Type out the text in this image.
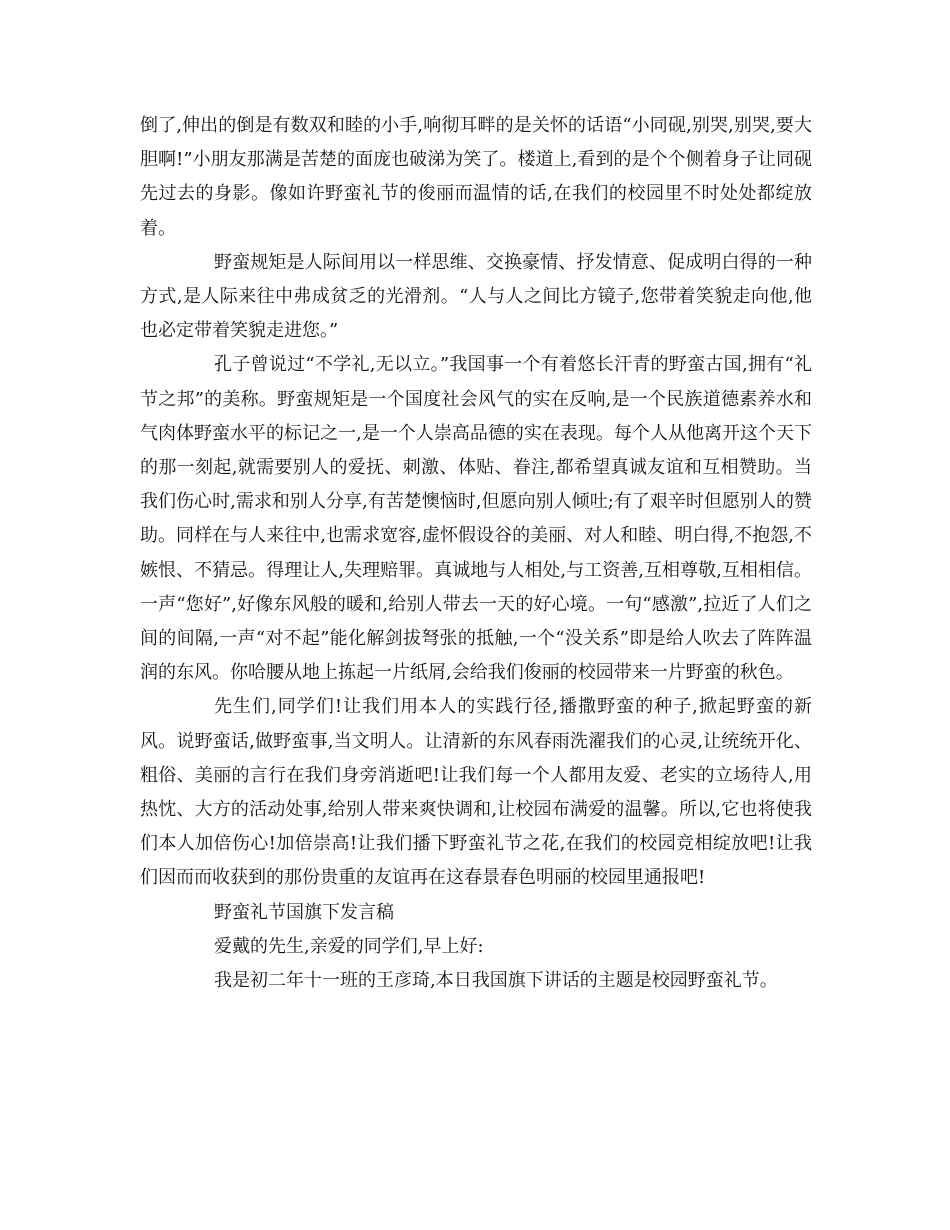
倒了,伸出的倒是有数双和睦的小手,响彻耳畔的是关怀的话语“小同砚,别哭,别哭,要大胆啊!”小朋友那满是苦楚的面庞也破涕为笑了。楼道上,看到的是个个侧着身子让同砚先过去的身影。像如许野蛮礼节的俊丽而温情的话,在我们的校园里不时处处都绽放着。

野蛮规矩是人际间用以一样思维、交换豪情、抒发情意、促成明白得的一种方式,是人际来往中弗成贫乏的光滑剂。“人与人之间比方镜子,您带着笑貌走向他,他也必定带着笑貌走进您。”

孔子曾说过“不学礼,无以立。”我国事一个有着悠长汗青的野蛮古国,拥有“礼节之邦”的美称。野蛮规矩是一个国度社会风气的实在反响,是一个民族道德素养水和气肉体野蛮水平的标记之一,是一个人崇高品德的实在表现。每个人从他离开这个天下的那一刻起,就需要别人的爱抚、刺激、体贴、眷注,都希望真诚友谊和互相赞助。当我们伤心时,需求和别人分享,有苦楚懊恼时,但愿向别人倾吐;有了艰辛时但愿别人的赞助。同样在与人来往中,也需求宽容,虚怀假设谷的美丽、对人和睦、明白得,不抱怨,不嫉恨、不猜忌。得理让人,失理赔罪。真诚地与人相处,与工资善,互相尊敬,互相相信。一声“您好”,好像东风般的暖和,给别人带去一天的好心境。一句“感激”,拉近了人们之间的间隔,一声“对不起”能化解剑拔弩张的抵触,一个“没关系”即是给人吹去了阵阵温润的东风。你哈腰从地上拣起一片纸屑,会给我们俊丽的校园带来一片野蛮的秋色。

先生们,同学们!让我们用本人的实践行径,播撒野蛮的种子,掀起野蛮的新风。说野蛮话,做野蛮事,当文明人。让清新的东风春雨洗濯我们的心灵,让统统开化、粗俗、美丽的言行在我们身旁消逝吧!让我们每一个人都用友爱、老实的立场待人,用热忱、大方的活动处事,给别人带来爽快调和,让校园布满爱的温馨。所以,它也将使我们本人加倍伤心!加倍崇高!让我们播下野蛮礼节之花,在我们的校园竞相绽放吧!让我们因而而收获到的那份贵重的友谊再在这春景春色明丽的校园里通报吧!

野蛮礼节国旗下发言稿

爱戴的先生,亲爱的同学们,早上好:

我是初二年十一班的王彦琦,本日我国旗下讲话的主题是校园野蛮礼节。
